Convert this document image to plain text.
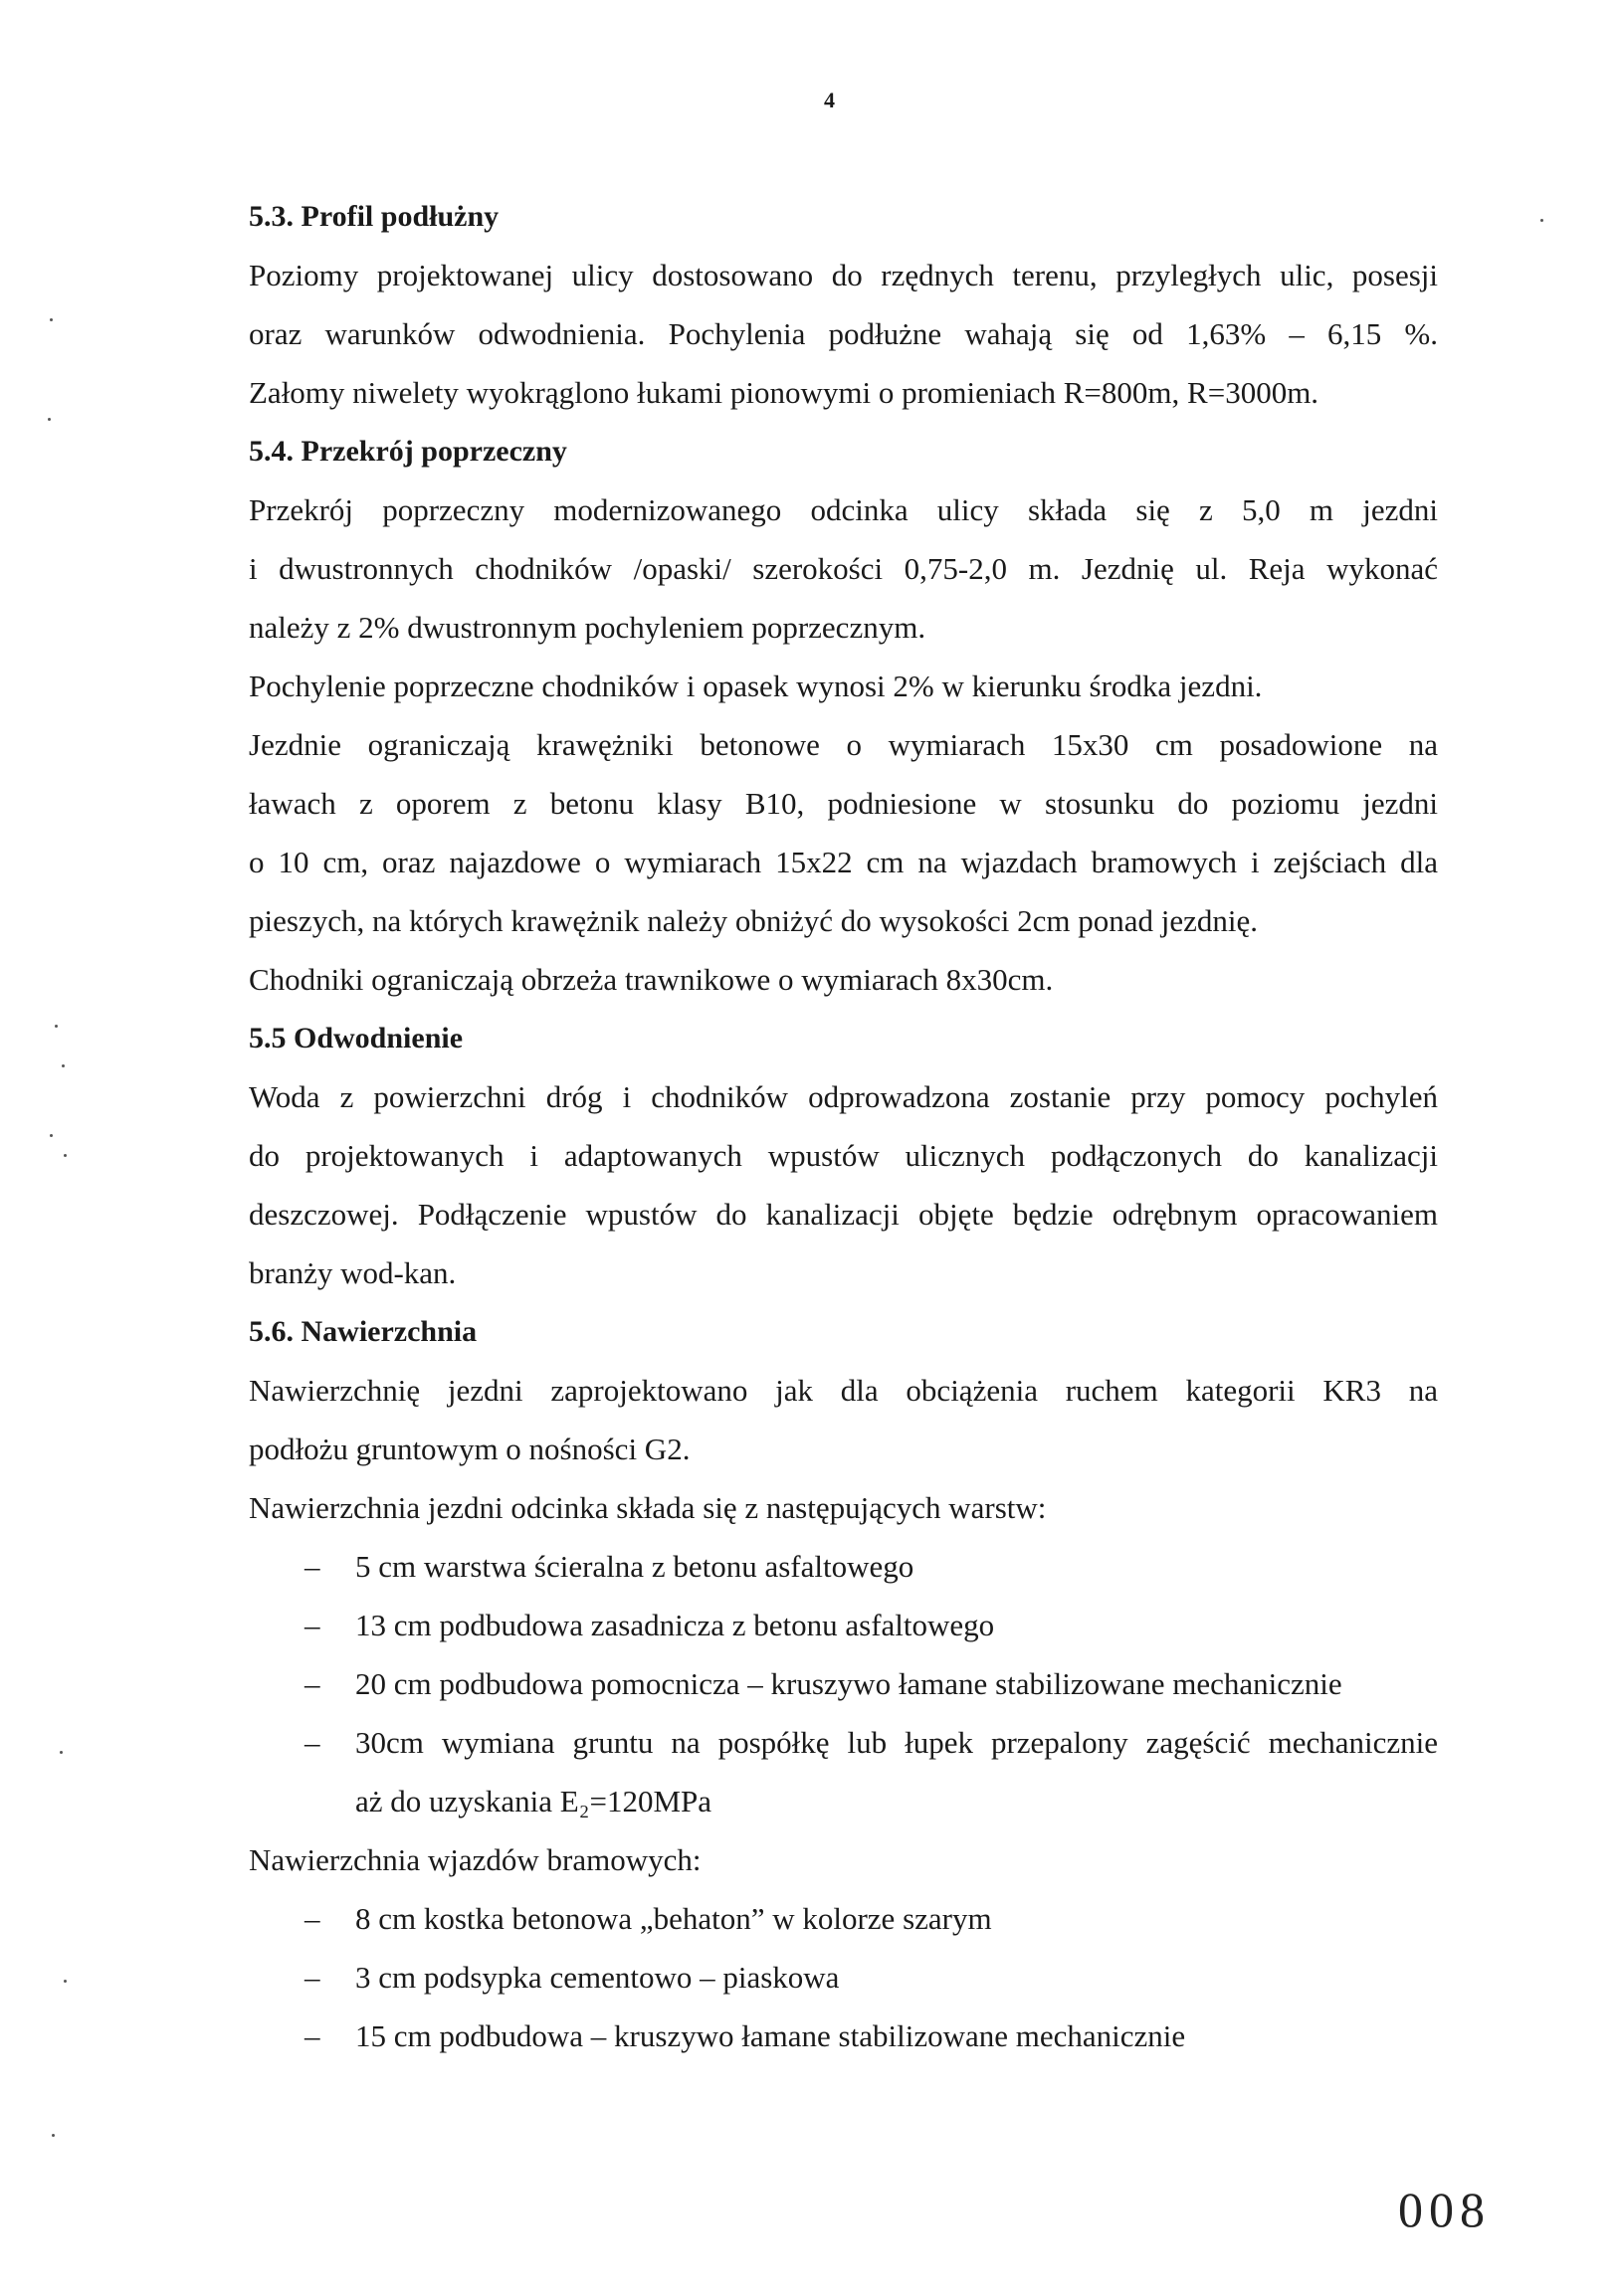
4
5.3. Profil podłużny

Poziomy projektowanej ulicy dostosowano do rzędnych terenu, przyległych ulic, posesji
oraz warunków odwodnienia. Pochylenia podłużne wahają się od 1,63% – 6,15 %.
Załomy niwelety wyokrąglono łukami pionowymi o promieniach R=800m, R=3000m.

5.4. Przekrój poprzeczny

Przekrój poprzeczny modernizowanego odcinka ulicy składa się z 5,0 m jezdni
i dwustronnych chodników /opaski/ szerokości 0,75-2,0 m. Jezdnię ul. Reja wykonać
należy z 2% dwustronnym pochyleniem poprzecznym.

Pochylenie poprzeczne chodników i opasek wynosi 2% w kierunku środka jezdni.

Jezdnie ograniczają krawężniki betonowe o wymiarach 15x30 cm posadowione na
ławach z oporem z betonu klasy B10, podniesione w stosunku do poziomu jezdni
o 10 cm, oraz najazdowe o wymiarach 15x22 cm na wjazdach bramowych i zejściach dla
pieszych, na których krawężnik należy obniżyć do wysokości 2cm ponad jezdnię.

Chodniki ograniczają obrzeża trawnikowe o wymiarach 8x30cm.

5.5 Odwodnienie

Woda z powierzchni dróg i chodników odprowadzona zostanie przy pomocy pochyleń
do projektowanych i adaptowanych wpustów ulicznych podłączonych do kanalizacji
deszczowej. Podłączenie wpustów do kanalizacji objęte będzie odrębnym opracowaniem
branży wod-kan.

5.6. Nawierzchnia

Nawierzchnię jezdni zaprojektowano jak dla obciążenia ruchem kategorii KR3 na
podłożu gruntowym o nośności G2.

Nawierzchnia jezdni odcinka składa się z następujących warstw:

– 5 cm warstwa ścieralna z betonu asfaltowego
– 13 cm podbudowa zasadnicza z betonu asfaltowego
– 20 cm podbudowa pomocnicza – kruszywo łamane stabilizowane mechanicznie
– 30cm wymiana gruntu na pospółkę lub łupek przepalony zagęścić mechanicznie
aż do uzyskania E₂=120MPa

Nawierzchnia wjazdów bramowych:

– 8 cm kostka betonowa „behaton” w kolorze szarym
– 3 cm podsypka cementowo – piaskowa
– 15 cm podbudowa – kruszywo łamane stabilizowane mechanicznie
008
